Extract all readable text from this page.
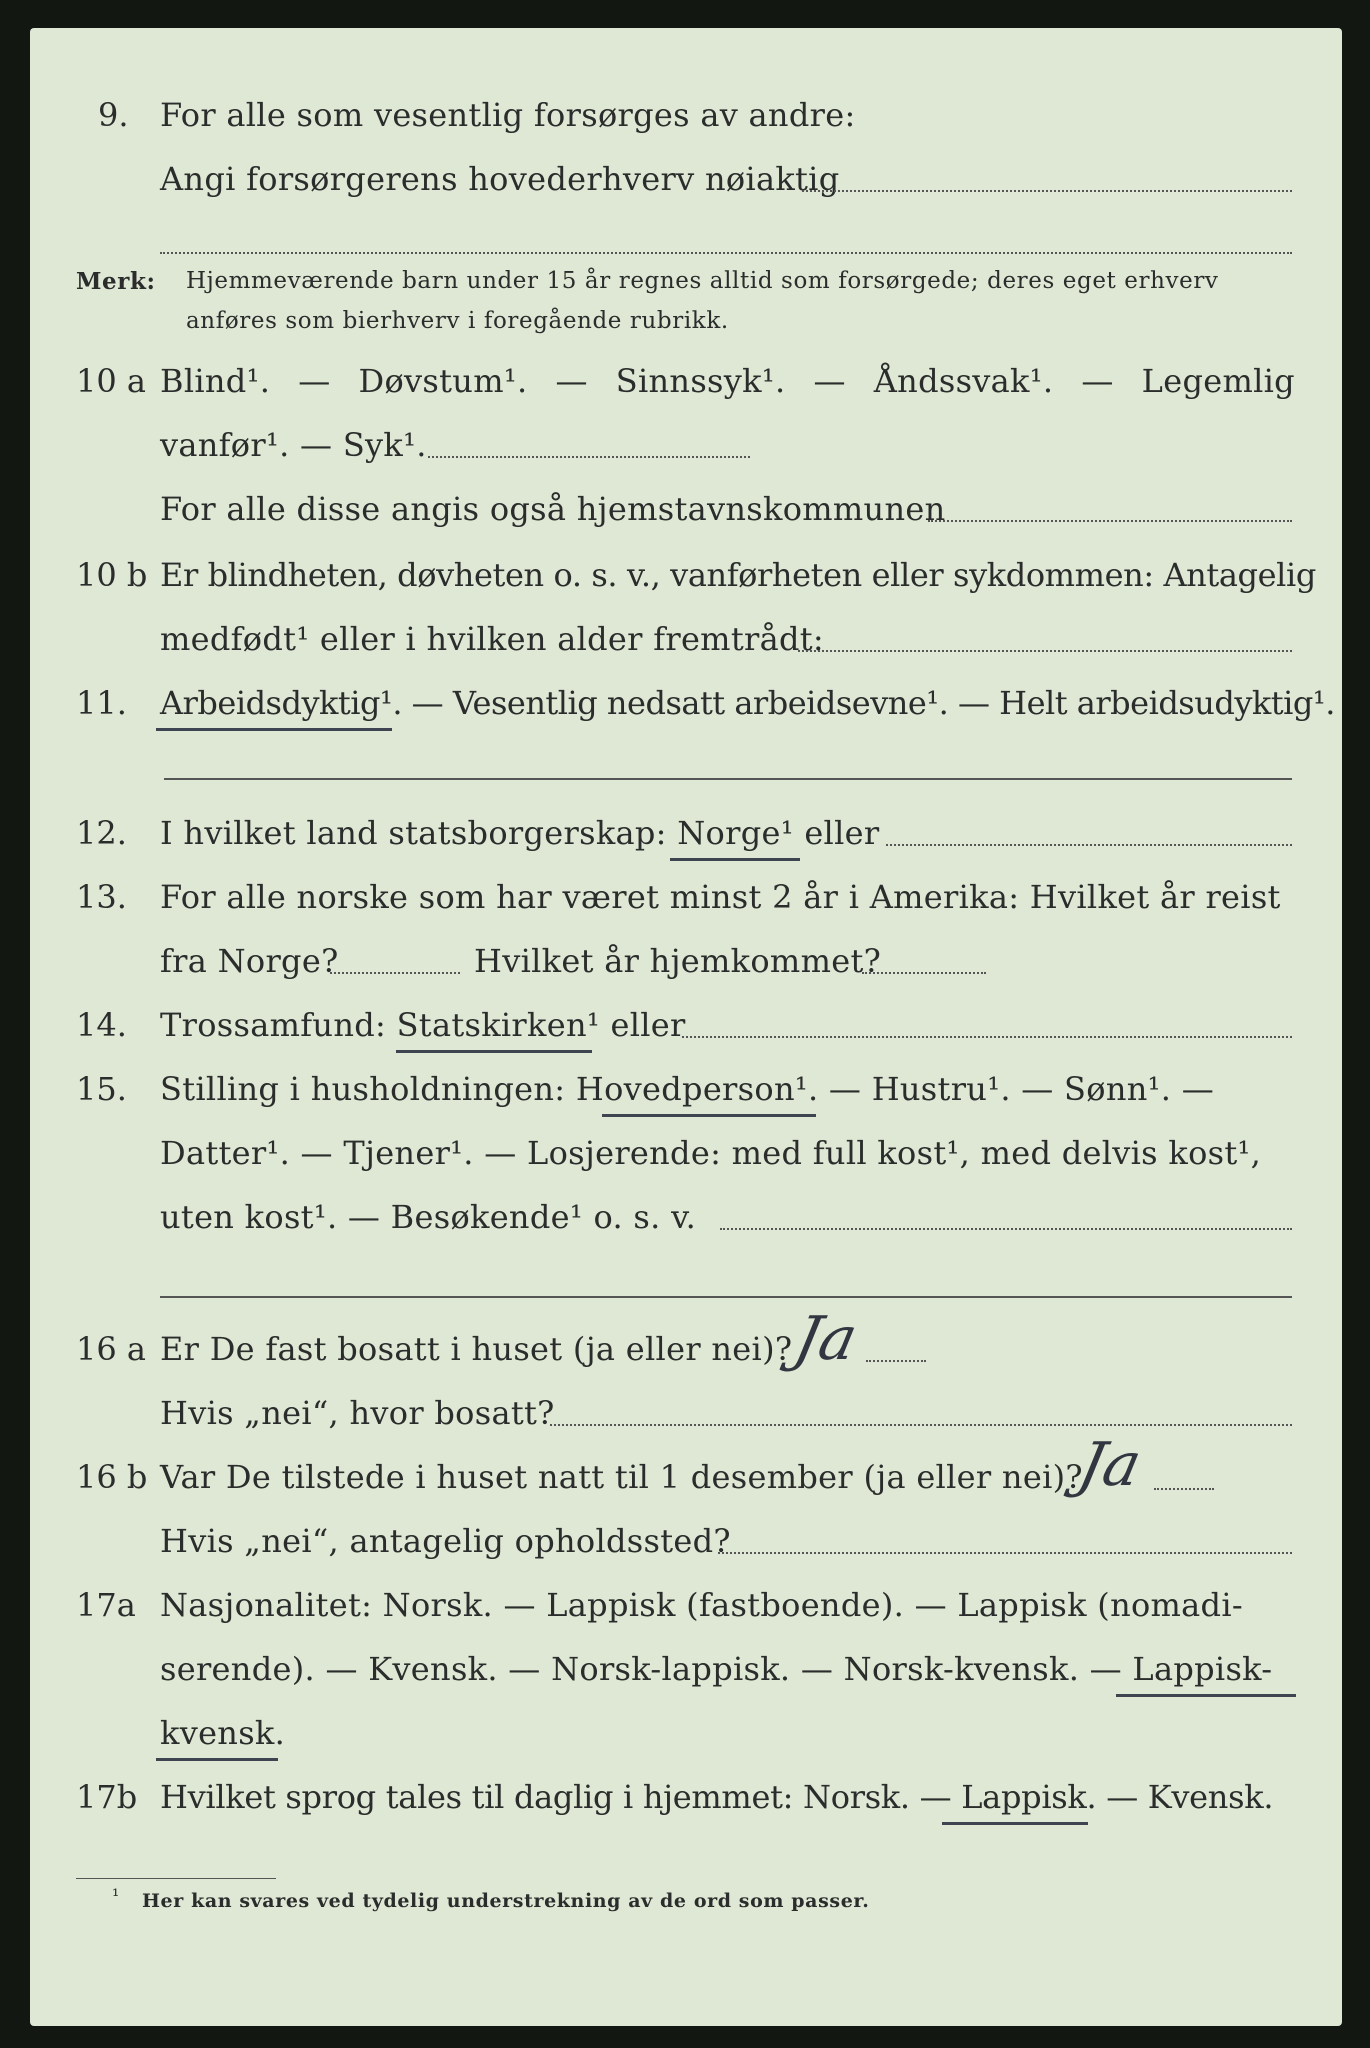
9. For alle som vesentlig forsørges av andre:
Angi forsørgerens hovederhverv nøiaktig
Merk: Hjemmeværende barn under 15 år regnes alltid som forsørgede; deres eget erhverv
anføres som bierhverv i foregående rubrikk.
10 a Blind¹. — Døvstum¹. — Sinnssyk¹. — Åndssvak¹. — Legemlig
vanfør¹. — Syk¹.
For alle disse angis også hjemstavnskommunen
10 b Er blindheten, døvheten o. s. v., vanførheten eller sykdommen: Antagelig
medfødt¹ eller i hvilken alder fremtrådt:
11. Arbeidsdyktig¹. — Vesentlig nedsatt arbeidsevne¹. — Helt arbeidsudyktig¹.
12. I hvilket land statsborgerskap: Norge¹ eller
13. For alle norske som har været minst 2 år i Amerika: Hvilket år reist
fra Norge?	Hvilket år hjemkommet?
14. Trossamfund: Statskirken¹ eller
15. Stilling i husholdningen: Hovedperson¹. — Hustru¹. — Sønn¹. —
Datter¹. — Tjener¹. — Losjerende: med full kost¹, med delvis kost¹,
uten kost¹. — Besøkende¹ o. s. v.
16 a Er De fast bosatt i huset (ja eller nei)?
Ja
Hvis „nei“, hvor bosatt?
16 b Var De tilstede i huset natt til 1 desember (ja eller nei)?
Ja
Hvis „nei“, antagelig opholdssted?
17a Nasjonalitet: Norsk. — Lappisk (fastboende). — Lappisk (nomadi-
serende). — Kvensk. — Norsk-lappisk. — Norsk-kvensk. — Lappisk-
kvensk.
17b Hvilket sprog tales til daglig i hjemmet: Norsk. — Lappisk. — Kvensk.
¹ Her kan svares ved tydelig understrekning av de ord som passer.
